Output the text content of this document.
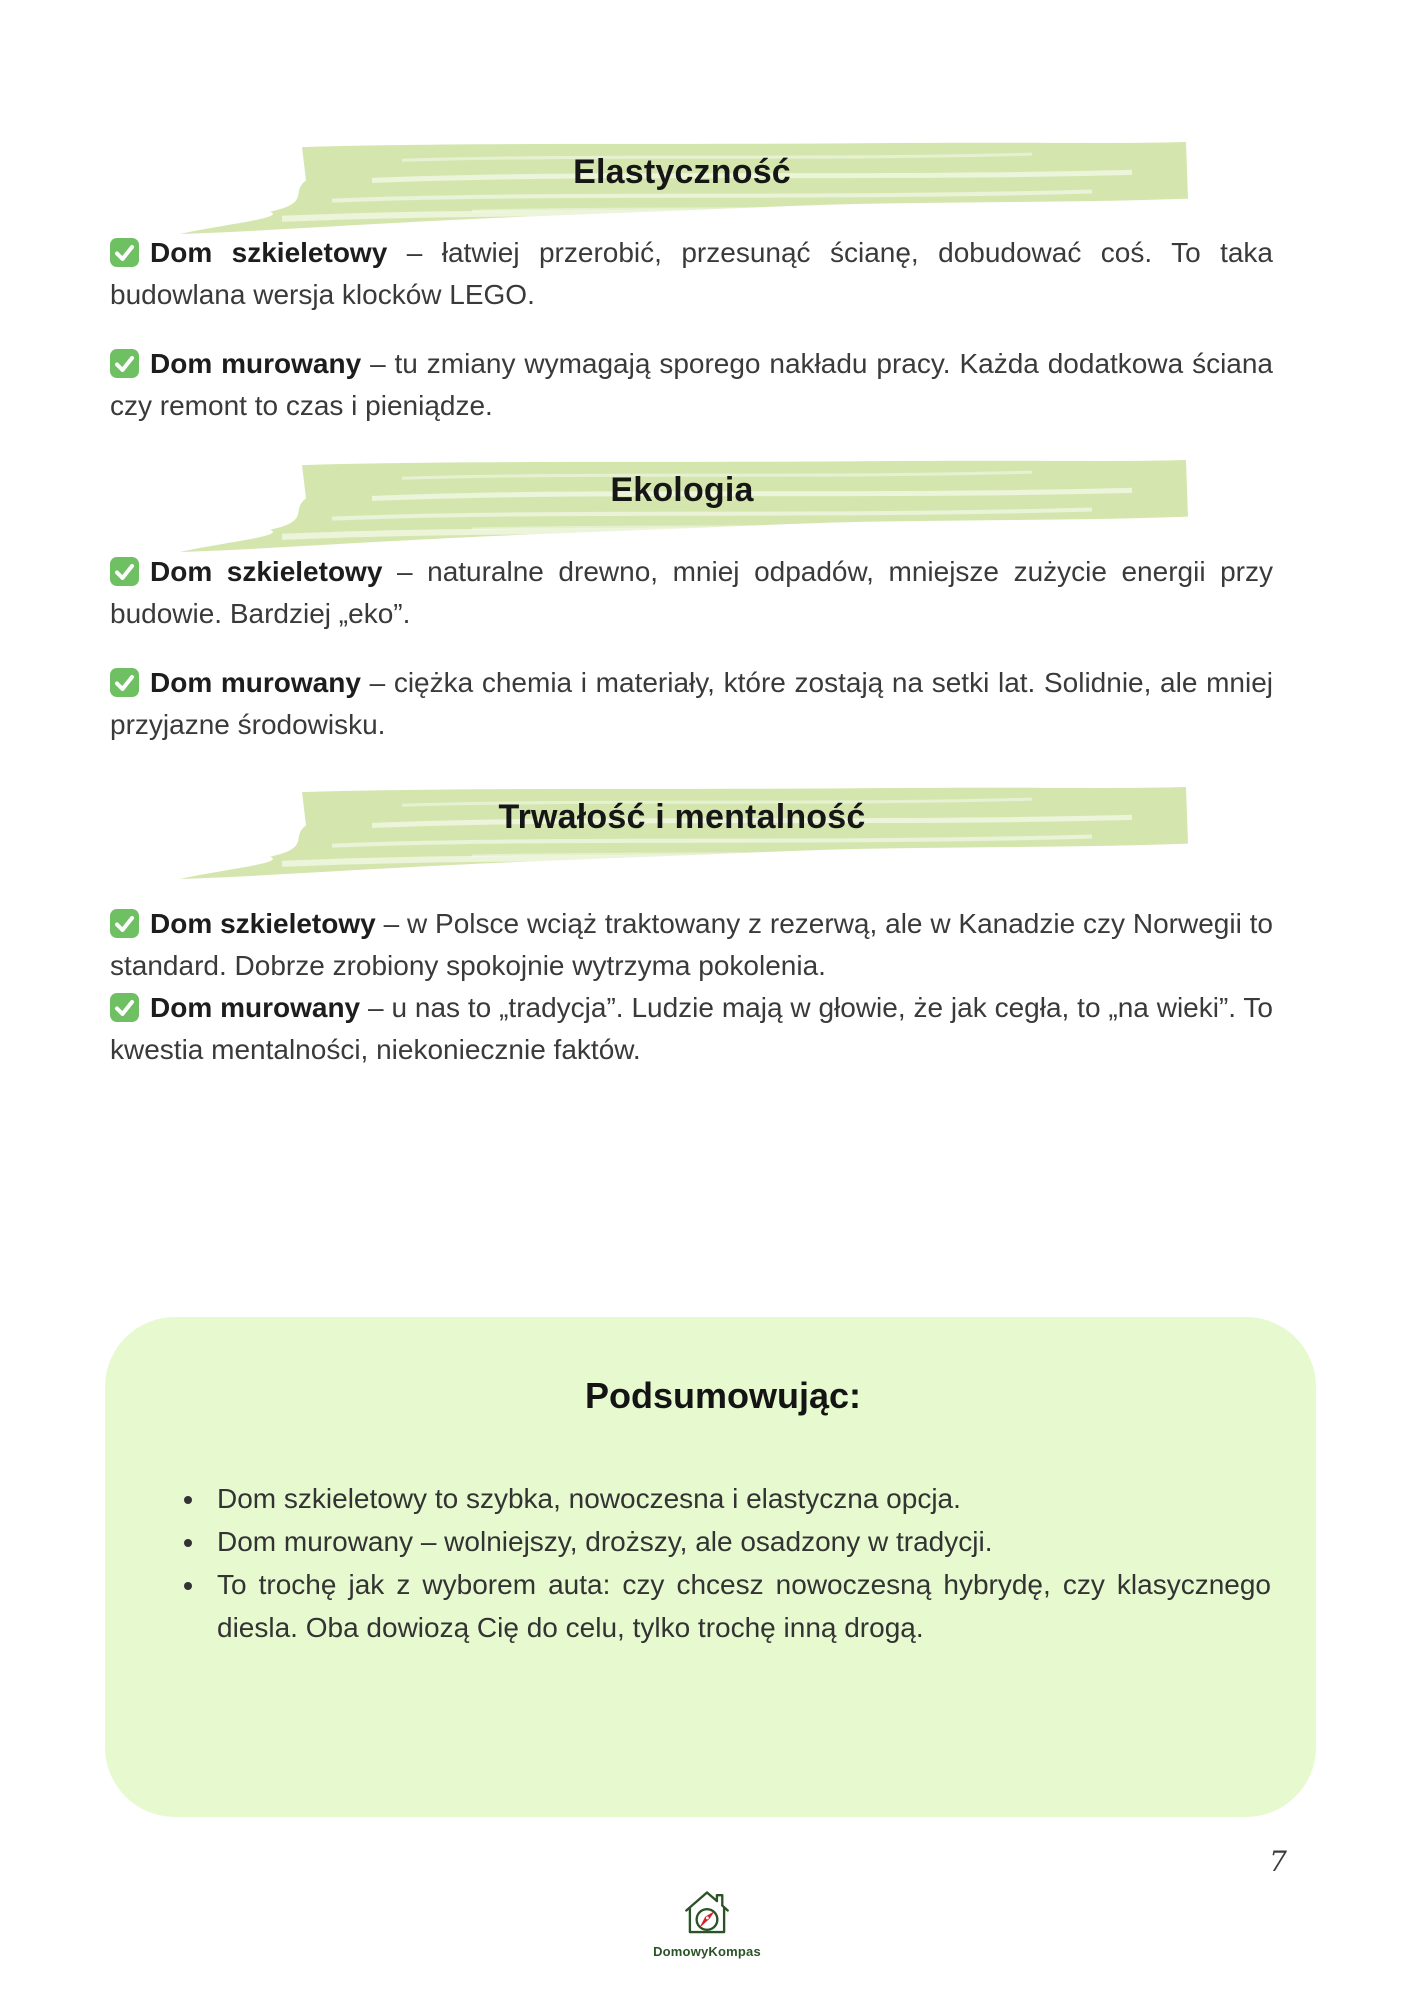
Elastyczność

Dom szkieletowy – łatwiej przerobić, przesunąć ścianę, dobudować coś. To taka budowlana wersja klocków LEGO.

Dom murowany – tu zmiany wymagają sporego nakładu pracy. Każda dodatkowa ściana czy remont to czas i pieniądze.

Ekologia

Dom szkieletowy – naturalne drewno, mniej odpadów, mniejsze zużycie energii przy budowie. Bardziej „eko”.

Dom murowany – ciężka chemia i materiały, które zostają na setki lat. Solidnie, ale mniej przyjazne środowisku.

Trwałość i mentalność

Dom szkieletowy – w Polsce wciąż traktowany z rezerwą, ale w Kanadzie czy Norwegii to standard. Dobrze zrobiony spokojnie wytrzyma pokolenia.

Dom murowany – u nas to „tradycja”. Ludzie mają w głowie, że jak cegła, to „na wieki”. To kwestia mentalności, niekoniecznie faktów.

Podsumowując:
• Dom szkieletowy to szybka, nowoczesna i elastyczna opcja.
• Dom murowany – wolniejszy, droższy, ale osadzony w tradycji.
• To trochę jak z wyborem auta: czy chcesz nowoczesną hybrydę, czy klasycznego diesla. Oba dowiozą Cię do celu, tylko trochę inną drogą.
7
DomowyKompas
